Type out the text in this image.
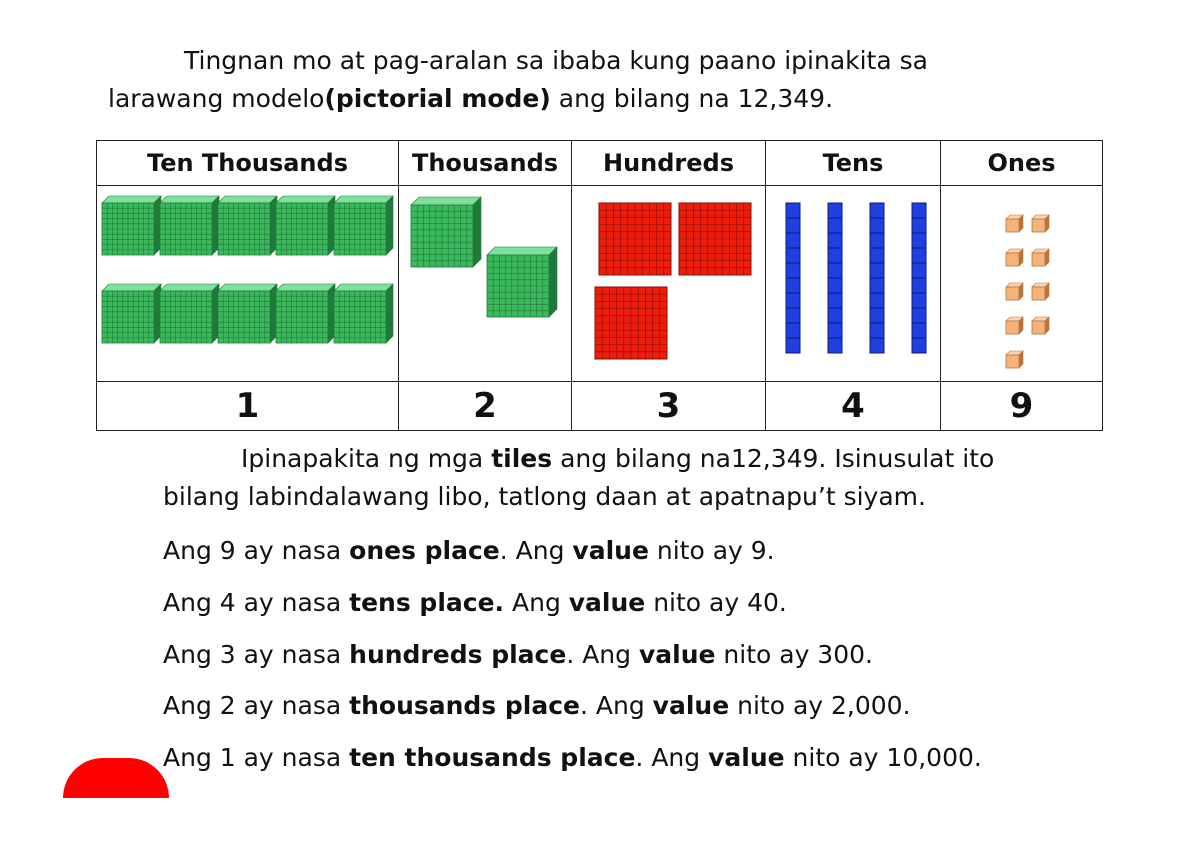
Tingnan mo at pag-aralan sa ibaba kung paano ipinakita sa
larawang modelo(pictorial mode) ang bilang na 12,349.
Ten Thousands	Thousands	Hundreds	Tens	Ones

1	2	3	4	9
Ipinapakita ng mga tiles ang bilang na12,349. Isinusulat ito
bilang labindalawang libo, tatlong daan at apatnapu’t siyam.
Ang 9 ay nasa ones place. Ang value nito ay 9.
Ang 4 ay nasa tens place. Ang value nito ay 40.
Ang 3 ay nasa hundreds place. Ang value nito ay 300.
Ang 2 ay nasa thousands place. Ang value nito ay 2,000.
Ang 1 ay nasa ten thousands place. Ang value nito ay 10,000.
